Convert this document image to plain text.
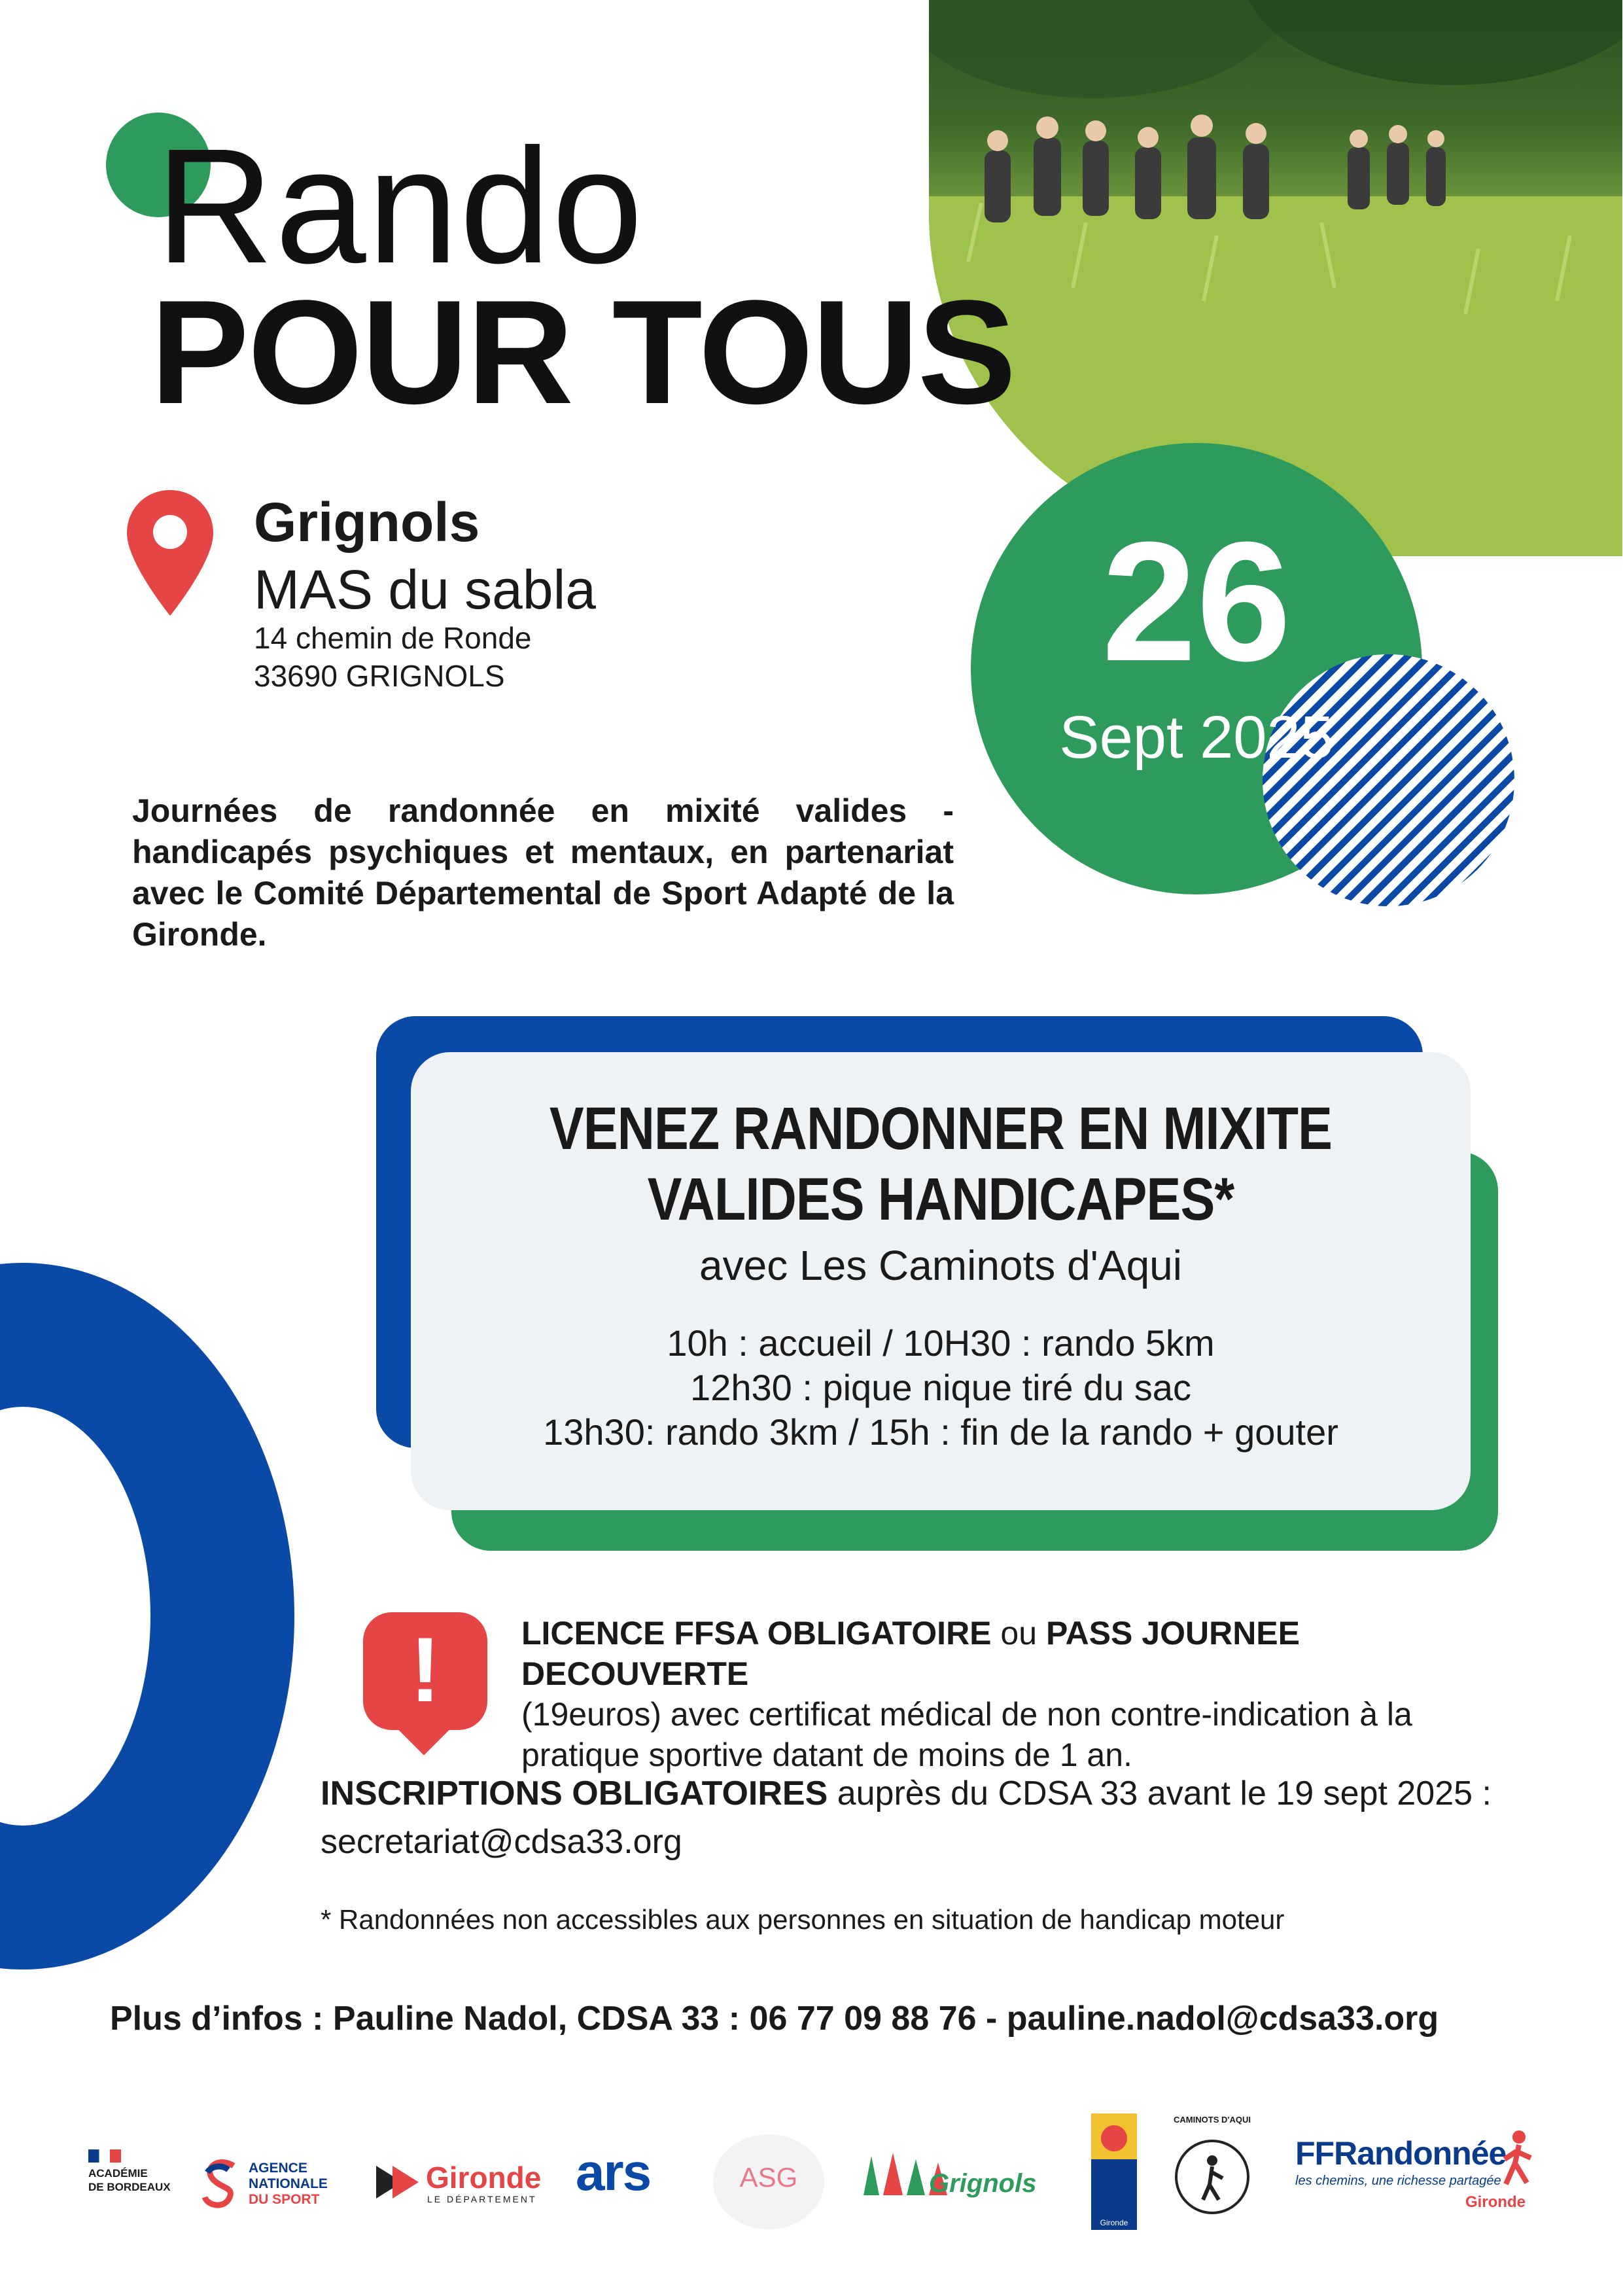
Rando
POUR TOUS
Grignols
MAS du sabla
14 chemin de Ronde
33690 GRIGNOLS	26
Sept 2025
Journées de randonnée en mixité valides - handicapés psychiques et mentaux, en partenariat avec le Comité Départemental de Sport Adapté de la Gironde.
VENEZ RANDONNER EN MIXITE
VALIDES HANDICAPES*
avec Les Caminots d'Aqui
10h : accueil / 10H30 : rando 5km
12h30 : pique nique tiré du sac
13h30: rando 3km / 15h : fin de la rando + gouter
!	LICENCE FFSA OBLIGATOIRE ou PASS JOURNEE DECOUVERTE
(19euros) avec certificat médical de non contre-indication à la pratique sportive datant de moins de 1 an.
INSCRIPTIONS OBLIGATOIRES auprès du CDSA 33 avant le 19 sept 2025 :
secretariat@cdsa33.org
* Randonnées non accessibles aux personnes en situation de handicap moteur
Plus d’infos : Pauline Nadol, CDSA 33 : 06 77 09 88 76 - pauline.nadol@cdsa33.org
ACADÉMIE
DE BORDEAUX
AGENCE
NATIONALE
DU SPORT
Gironde
LE DÉPARTEMENT ars	ASG	Grignols
Gironde
CAMINOTS D'AQUI
FFRandonnée
les chemins, une richesse partagée
Gironde
